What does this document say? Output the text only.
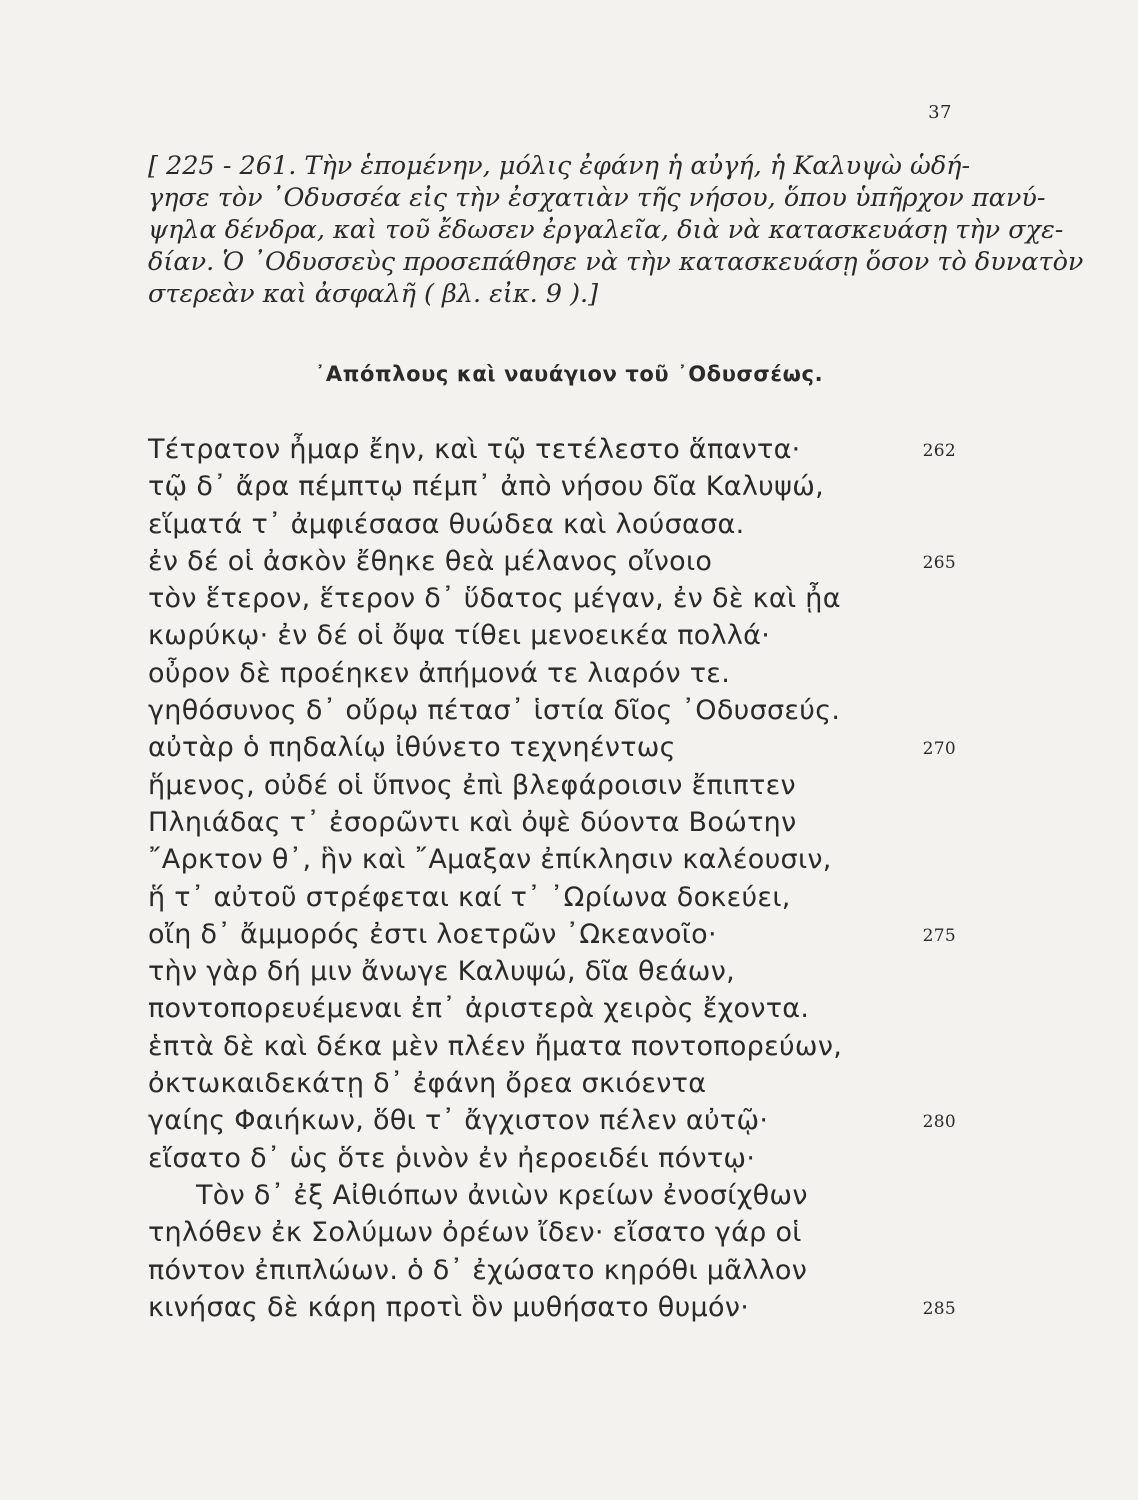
37
[ 225 - 261. Τὴν ἑπομένην, μόλις ἐφάνη ἡ αὐγή, ἡ Καλυψὼ ὡδή-
γησε τὸν ᾿Οδυσσέα εἰς τὴν ἐσχατιὰν τῆς νήσου, ὅπου ὑπῆρχον πανύ-
ψηλα δένδρα, καὶ τοῦ ἔδωσεν ἐργαλεῖα, διὰ νὰ κατασκευάσῃ τὴν σχε-
δίαν. Ὁ ᾿Οδυσσεὺς προσεπάθησε νὰ τὴν κατασκευάσῃ ὅσον τὸ δυνατὸν
στερεὰν καὶ ἀσφαλῆ ( βλ. εἰκ. 9 ).]
᾿Απόπλους καὶ ναυάγιον τοῦ ᾿Οδυσσέως.
Τέτρατον ἦμαρ ἔην, καὶ τῷ τετέλεστο ἅπαντα·	262
τῷ δ᾿ ἄρα πέμπτῳ πέμπ᾿ ἀπὸ νήσου δῖα Καλυψώ,
εἵματά τ᾿ ἀμφιέσασα θυώδεα καὶ λούσασα.
ἐν δέ οἱ ἀσκὸν ἔθηκε θεὰ μέλανος οἴνοιο	265
τὸν ἕτερον, ἕτερον δ᾿ ὕδατος μέγαν, ἐν δὲ καὶ ᾖα
κωρύκῳ· ἐν δέ οἱ ὄψα τίθει μενοεικέα πολλά·
οὖρον δὲ προέηκεν ἀπήμονά τε λιαρόν τε.
γηθόσυνος δ᾿ οὔρῳ πέτασ᾿ ἱστία δῖος ᾿Οδυσσεύς.
αὐτὰρ ὁ πηδαλίῳ ἰθύνετο τεχνηέντως	270
ἥμενος, οὐδέ οἱ ὕπνος ἐπὶ βλεφάροισιν ἔπιπτεν
Πληιάδας τ᾿ ἐσορῶντι καὶ ὀψὲ δύοντα Βοώτην
῎Αρκτον θ᾿, ἣν καὶ ῎Αμαξαν ἐπίκλησιν καλέουσιν,
ἥ τ᾿ αὐτοῦ στρέφεται καί τ᾿ ᾿Ωρίωνα δοκεύει,
οἴη δ᾿ ἄμμορός ἐστι λοετρῶν ᾿Ωκεανοῖο·	275
τὴν γὰρ δή μιν ἄνωγε Καλυψώ, δῖα θεάων,
ποντοπορευέμεναι ἐπ᾿ ἀριστερὰ χειρὸς ἔχοντα.
ἑπτὰ δὲ καὶ δέκα μὲν πλέεν ἤματα ποντοπορεύων,
ὀκτωκαιδεκάτῃ δ᾿ ἐφάνη ὄρεα σκιόεντα
γαίης Φαιήκων, ὅθι τ᾿ ἄγχιστον πέλεν αὐτῷ·	280
εἴσατο δ᾿ ὡς ὅτε ῥινὸν ἐν ἠεροειδέι πόντῳ·
Τὸν δ᾿ ἐξ Αἰθιόπων ἀνιὼν κρείων ἐνοσίχθων
τηλόθεν ἐκ Σολύμων ὀρέων ἴδεν· εἴσατο γάρ οἱ
πόντον ἐπιπλώων. ὁ δ᾿ ἐχώσατο κηρόθι μᾶλλον
κινήσας δὲ κάρη προτὶ ὃν μυθήσατο θυμόν·	285
